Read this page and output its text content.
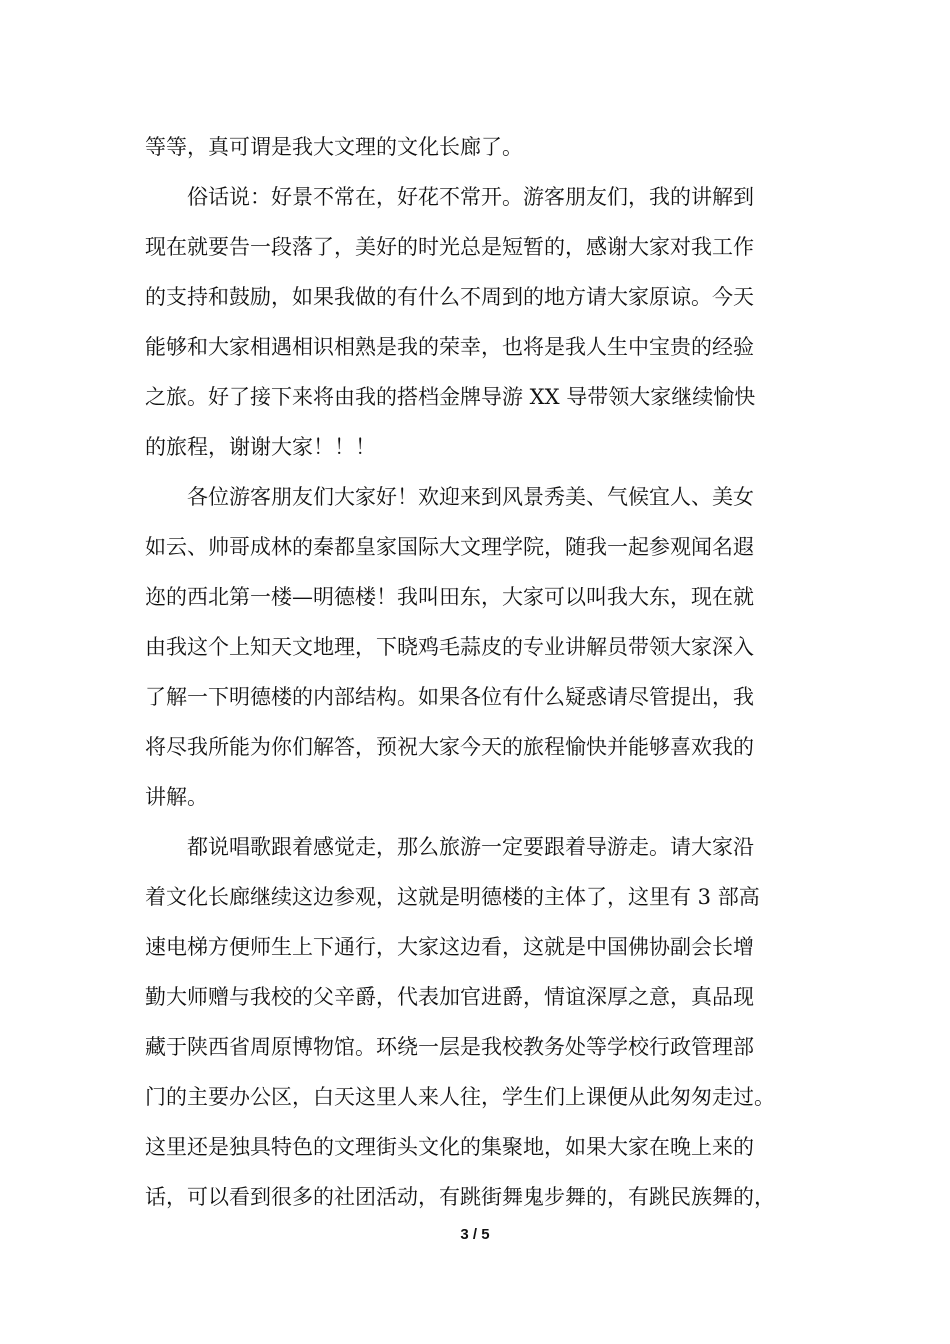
等等，真可谓是我大文理的文化长廊了。
　　俗话说：好景不常在，好花不常开。游客朋友们，我的讲解到
现在就要告一段落了，美好的时光总是短暂的，感谢大家对我工作
的支持和鼓励，如果我做的有什么不周到的地方请大家原谅。今天
能够和大家相遇相识相熟是我的荣幸，也将是我人生中宝贵的经验
之旅。好了接下来将由我的搭档金牌导游 XX 导带领大家继续愉快
的旅程，谢谢大家！！！
　　各位游客朋友们大家好！欢迎来到风景秀美、气候宜人、美女
如云、帅哥成林的秦都皇家国际大文理学院，随我一起参观闻名遐
迩的西北第一楼—明德楼！我叫田东，大家可以叫我大东，现在就
由我这个上知天文地理，下晓鸡毛蒜皮的专业讲解员带领大家深入
了解一下明德楼的内部结构。如果各位有什么疑惑请尽管提出，我
将尽我所能为你们解答，预祝大家今天的旅程愉快并能够喜欢我的
讲解。
　　都说唱歌跟着感觉走，那么旅游一定要跟着导游走。请大家沿
着文化长廊继续这边参观，这就是明德楼的主体了，这里有 3 部高
速电梯方便师生上下通行，大家这边看，这就是中国佛协副会长增
勤大师赠与我校的父辛爵，代表加官进爵，情谊深厚之意，真品现
藏于陕西省周原博物馆。环绕一层是我校教务处等学校行政管理部
门的主要办公区，白天这里人来人往，学生们上课便从此匆匆走过。
这里还是独具特色的文理街头文化的集聚地，如果大家在晚上来的
话，可以看到很多的社团活动，有跳街舞鬼步舞的，有跳民族舞的，
3 / 5
